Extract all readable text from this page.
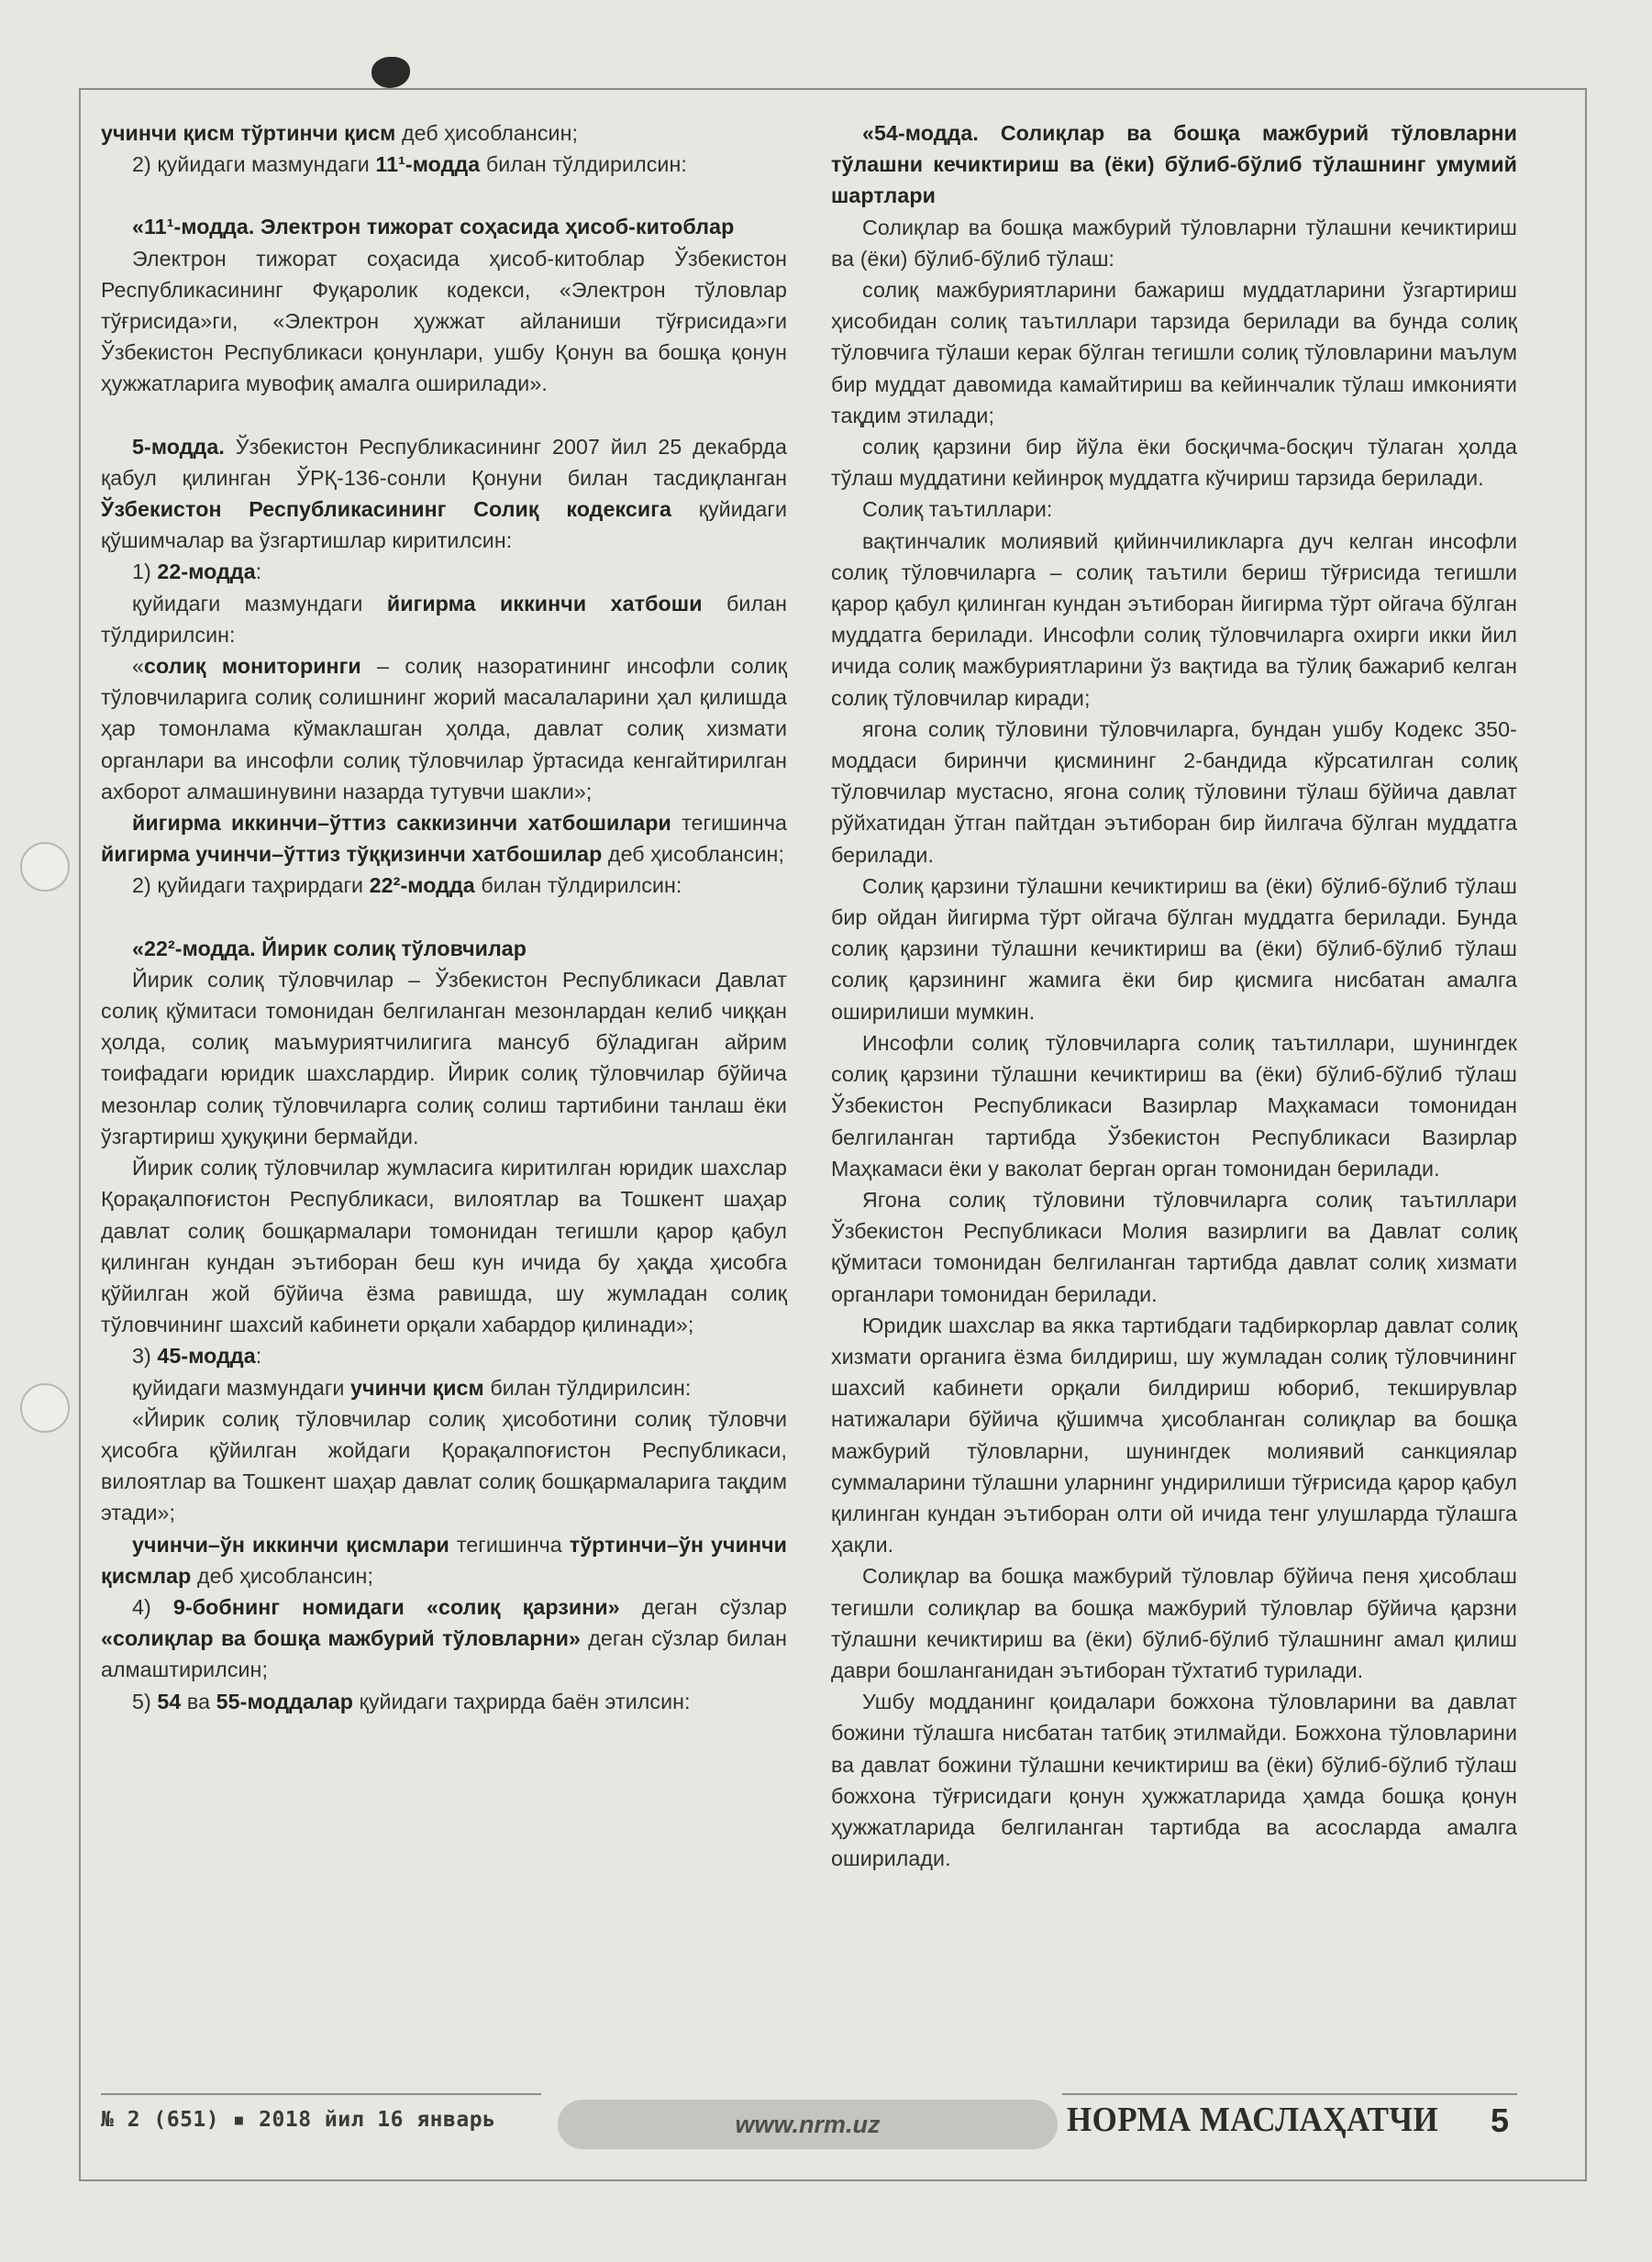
учинчи қисм тўртинчи қисм деб ҳисоблансин;

2) қуйидаги мазмундаги 11¹-модда билан тўлдирилсин:

«11¹-модда. Электрон тижорат соҳасида ҳисоб-китоблар

Электрон тижорат соҳасида ҳисоб-китоблар Ўзбекистон Республикасининг Фуқаролик кодекси, «Электрон тўловлар тўғрисида»ги, «Электрон ҳужжат айланиши тўғрисида»ги Ўзбекистон Республикаси қонунлари, ушбу Қонун ва бошқа қонун ҳужжатларига мувофиқ амалга оширилади».

5-модда. Ўзбекистон Республикасининг 2007 йил 25 декабрда қабул қилинган ЎРҚ-136-сонли Қонуни билан тасдиқланган Ўзбекистон Республикасининг Солиқ кодексига қуйидаги қўшимчалар ва ўзгартишлар киритилсин:

1) 22-модда:

қуйидаги мазмундаги йигирма иккинчи хатбоши билан тўлдирилсин:

«солиқ мониторинги – солиқ назоратининг инсофли солиқ тўловчиларига солиқ солишнинг жорий масалаларини ҳал қилишда ҳар томонлама кўмаклашган ҳолда, давлат солиқ хизмати органлари ва инсофли солиқ тўловчилар ўртасида кенгайтирилган ахборот алмашинувини назарда тутувчи шакли»;

йигирма иккинчи–ўттиз саккизинчи хатбошилари тегишинча йигирма учинчи–ўттиз тўққизинчи хатбошилар деб ҳисоблансин;

2) қуйидаги таҳрирдаги 22²-модда билан тўлдирилсин:

«22²-модда. Йирик солиқ тўловчилар

Йирик солиқ тўловчилар – Ўзбекистон Республикаси Давлат солиқ қўмитаси томонидан белгиланган мезонлардан келиб чиққан ҳолда, солиқ маъмуриятчилигига мансуб бўладиган айрим тоифадаги юридик шахслардир. Йирик солиқ тўловчилар бўйича мезонлар солиқ тўловчиларга солиқ солиш тартибини танлаш ёки ўзгартириш ҳуқуқини бермайди.

Йирик солиқ тўловчилар жумласига киритилган юридик шахслар Қорақалпоғистон Республикаси, вилоятлар ва Тошкент шаҳар давлат солиқ бошқармалари томонидан тегишли қарор қабул қилинган кундан эътиборан беш кун ичида бу ҳақда ҳисобга қўйилган жой бўйича ёзма равишда, шу жумладан солиқ тўловчининг шахсий кабинети орқали хабардор қилинади»;

3) 45-модда:

қуйидаги мазмундаги учинчи қисм билан тўлдирилсин:

«Йирик солиқ тўловчилар солиқ ҳисоботини солиқ тўловчи ҳисобга қўйилган жойдаги Қорақалпоғистон Республикаси, вилоятлар ва Тошкент шаҳар давлат солиқ бошқармаларига тақдим этади»;

учинчи–ўн иккинчи қисмлари тегишинча тўртинчи–ўн учинчи қисмлар деб ҳисоблансин;

4) 9-бобнинг номидаги «солиқ қарзини» деган сўзлар «солиқлар ва бошқа мажбурий тўловларни» деган сўзлар билан алмаштирилсин;

5) 54 ва 55-моддалар қуйидаги таҳрирда баён этилсин:

«54-модда. Солиқлар ва бошқа мажбурий тўловларни тўлашни кечиктириш ва (ёки) бўлиб-бўлиб тўлашнинг умумий шартлари

Солиқлар ва бошқа мажбурий тўловларни тўлашни кечиктириш ва (ёки) бўлиб-бўлиб тўлаш:

солиқ мажбуриятларини бажариш муддатларини ўзгартириш ҳисобидан солиқ таътиллари тарзида берилади ва бунда солиқ тўловчига тўлаши керак бўлган тегишли солиқ тўловларини маълум бир муддат давомида камайтириш ва кейинчалик тўлаш имконияти тақдим этилади;

солиқ қарзини бир йўла ёки босқичма-босқич тўлаган ҳолда тўлаш муддатини кейинроқ муддатга кўчириш тарзида берилади.

Солиқ таътиллари:

вақтинчалик молиявий қийинчиликларга дуч келган инсофли солиқ тўловчиларга – солиқ таътили бериш тўғрисида тегишли қарор қабул қилинган кундан эътиборан йигирма тўрт ойгача бўлган муддатга берилади. Инсофли солиқ тўловчиларга охирги икки йил ичида солиқ мажбуриятларини ўз вақтида ва тўлиқ бажариб келган солиқ тўловчилар киради;

ягона солиқ тўловини тўловчиларга, бундан ушбу Кодекс 350-моддаси биринчи қисмининг 2-бандида кўрсатилган солиқ тўловчилар мустасно, ягона солиқ тўловини тўлаш бўйича давлат рўйхатидан ўтган пайтдан эътиборан бир йилгача бўлган муддатга берилади.

Солиқ қарзини тўлашни кечиктириш ва (ёки) бўлиб-бўлиб тўлаш бир ойдан йигирма тўрт ойгача бўлган муддатга берилади. Бунда солиқ қарзини тўлашни кечиктириш ва (ёки) бўлиб-бўлиб тўлаш солиқ қарзининг жамига ёки бир қисмига нисбатан амалга оширилиши мумкин.

Инсофли солиқ тўловчиларга солиқ таътиллари, шунингдек солиқ қарзини тўлашни кечиктириш ва (ёки) бўлиб-бўлиб тўлаш Ўзбекистон Республикаси Вазирлар Маҳкамаси томонидан белгиланган тартибда Ўзбекистон Республикаси Вазирлар Маҳкамаси ёки у ваколат берган орган томонидан берилади.

Ягона солиқ тўловини тўловчиларга солиқ таътиллари Ўзбекистон Республикаси Молия вазирлиги ва Давлат солиқ қўмитаси томонидан белгиланган тартибда давлат солиқ хизмати органлари томонидан берилади.

Юридик шахслар ва якка тартибдаги тадбиркорлар давлат солиқ хизмати органига ёзма билдириш, шу жумладан солиқ тўловчининг шахсий кабинети орқали билдириш юбориб, текширувлар натижалари бўйича қўшимча ҳисобланган солиқлар ва бошқа мажбурий тўловларни, шунингдек молиявий санкциялар суммаларини тўлашни уларнинг ундирилиши тўғрисида қарор қабул қилинган кундан эътиборан олти ой ичида тенг улушларда тўлашга ҳақли.

Солиқлар ва бошқа мажбурий тўловлар бўйича пеня ҳисоблаш тегишли солиқлар ва бошқа мажбурий тўловлар бўйича қарзни тўлашни кечиктириш ва (ёки) бўлиб-бўлиб тўлашнинг амал қилиш даври бошланганидан эътиборан тўхтатиб турилади.

Ушбу модданинг қоидалари божхона тўловларини ва давлат божини тўлашга нисбатан татбиқ этилмайди. Божхона тўловларини ва давлат божини тўлашни кечиктириш ва (ёки) бўлиб-бўлиб тўлаш божхона тўғрисидаги қонун ҳужжатларида ҳамда бошқа қонун ҳужжатларида белгиланган тартибда ва асосларда амалга оширилади.

№ 2 (651) ▪ 2018 йил 16 январь	www.nrm.uz	НОРМА МАСЛАҲАТЧИ 5
